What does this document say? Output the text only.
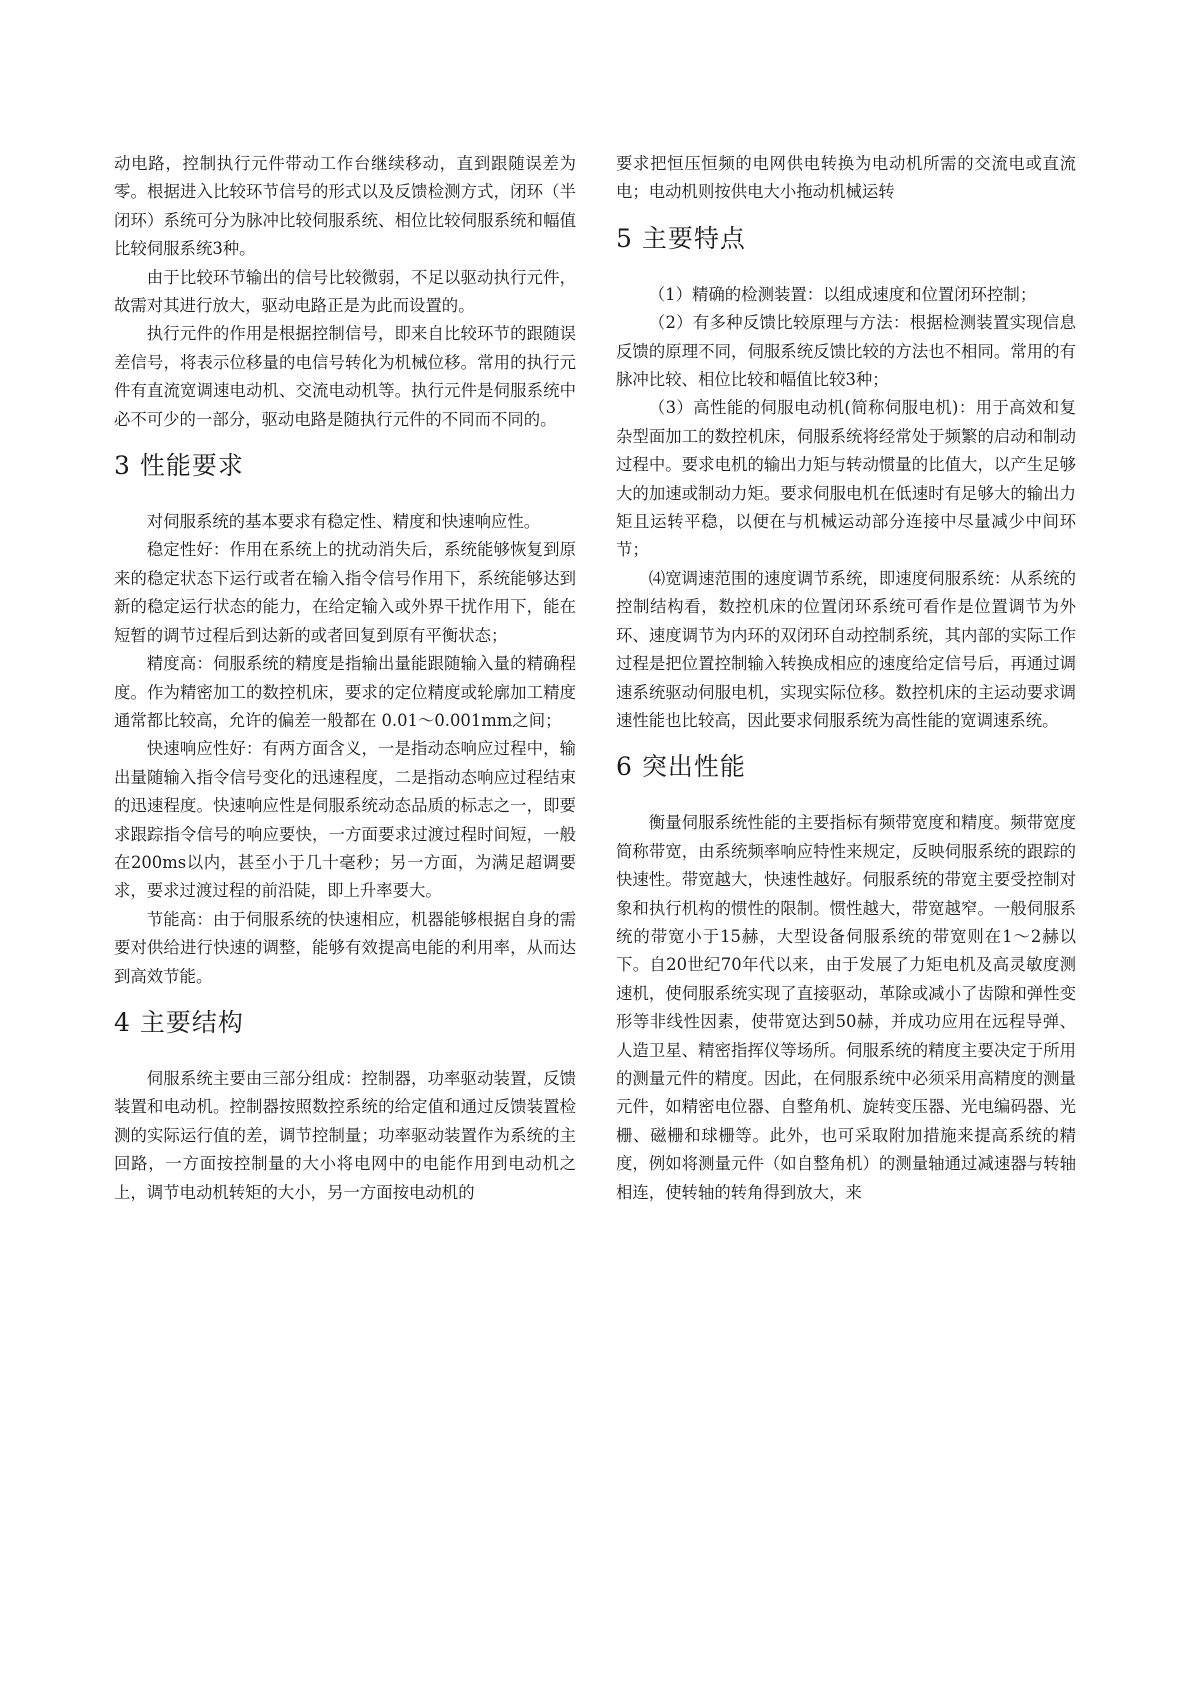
动电路，控制执行元件带动工作台继续移动，直到跟随误差为零。根据进入比较环节信号的形式以及反馈检测方式，闭环（半闭环）系统可分为脉冲比较伺服系统、相位比较伺服系统和幅值比较伺服系统3种。

由于比较环节输出的信号比较微弱，不足以驱动执行元件，故需对其进行放大，驱动电路正是为此而设置的。

执行元件的作用是根据控制信号，即来自比较环节的跟随误差信号，将表示位移量的电信号转化为机械位移。常用的执行元件有直流宽调速电动机、交流电动机等。执行元件是伺服系统中必不可少的一部分，驱动电路是随执行元件的不同而不同的。

3 性能要求

对伺服系统的基本要求有稳定性、精度和快速响应性。

稳定性好：作用在系统上的扰动消失后，系统能够恢复到原来的稳定状态下运行或者在输入指令信号作用下，系统能够达到新的稳定运行状态的能力，在给定输入或外界干扰作用下，能在短暂的调节过程后到达新的或者回复到原有平衡状态；

精度高：伺服系统的精度是指输出量能跟随输入量的精确程度。作为精密加工的数控机床，要求的定位精度或轮廓加工精度通常都比较高，允许的偏差一般都在 0.01～0.001mm之间；

快速响应性好：有两方面含义，一是指动态响应过程中，输出量随输入指令信号变化的迅速程度，二是指动态响应过程结束的迅速程度。快速响应性是伺服系统动态品质的标志之一，即要求跟踪指令信号的响应要快，一方面要求过渡过程时间短，一般在200ms以内，甚至小于几十毫秒；另一方面，为满足超调要求，要求过渡过程的前沿陡，即上升率要大。

节能高：由于伺服系统的快速相应，机器能够根据自身的需要对供给进行快速的调整，能够有效提高电能的利用率，从而达到高效节能。

4 主要结构

伺服系统主要由三部分组成：控制器，功率驱动装置，反馈装置和电动机。控制器按照数控系统的给定值和通过反馈装置检测的实际运行值的差，调节控制量；功率驱动装置作为系统的主回路，一方面按控制量的大小将电网中的电能作用到电动机之上，调节电动机转矩的大小，另一方面按电动机的

要求把恒压恒频的电网供电转换为电动机所需的交流电或直流电；电动机则按供电大小拖动机械运转

5 主要特点

（1）精确的检测装置：以组成速度和位置闭环控制；

（2）有多种反馈比较原理与方法：根据检测装置实现信息反馈的原理不同，伺服系统反馈比较的方法也不相同。常用的有脉冲比较、相位比较和幅值比较3种；

（3）高性能的伺服电动机(简称伺服电机)：用于高效和复杂型面加工的数控机床，伺服系统将经常处于频繁的启动和制动过程中。要求电机的输出力矩与转动惯量的比值大，以产生足够大的加速或制动力矩。要求伺服电机在低速时有足够大的输出力矩且运转平稳，以便在与机械运动部分连接中尽量减少中间环节；

⑷宽调速范围的速度调节系统，即速度伺服系统：从系统的控制结构看，数控机床的位置闭环系统可看作是位置调节为外环、速度调节为内环的双闭环自动控制系统，其内部的实际工作过程是把位置控制输入转换成相应的速度给定信号后，再通过调速系统驱动伺服电机，实现实际位移。数控机床的主运动要求调速性能也比较高，因此要求伺服系统为高性能的宽调速系统。

6 突出性能

衡量伺服系统性能的主要指标有频带宽度和精度。频带宽度简称带宽，由系统频率响应特性来规定，反映伺服系统的跟踪的快速性。带宽越大，快速性越好。伺服系统的带宽主要受控制对象和执行机构的惯性的限制。惯性越大，带宽越窄。一般伺服系统的带宽小于15赫，大型设备伺服系统的带宽则在1～2赫以下。自20世纪70年代以来，由于发展了力矩电机及高灵敏度测速机，使伺服系统实现了直接驱动，革除或减小了齿隙和弹性变形等非线性因素，使带宽达到50赫，并成功应用在远程导弹、人造卫星、精密指挥仪等场所。伺服系统的精度主要决定于所用的测量元件的精度。因此，在伺服系统中必须采用高精度的测量元件，如精密电位器、自整角机、旋转变压器、光电编码器、光栅、磁栅和球栅等。此外，也可采取附加措施来提高系统的精度，例如将测量元件（如自整角机）的测量轴通过减速器与转轴相连，使转轴的转角得到放大，来
